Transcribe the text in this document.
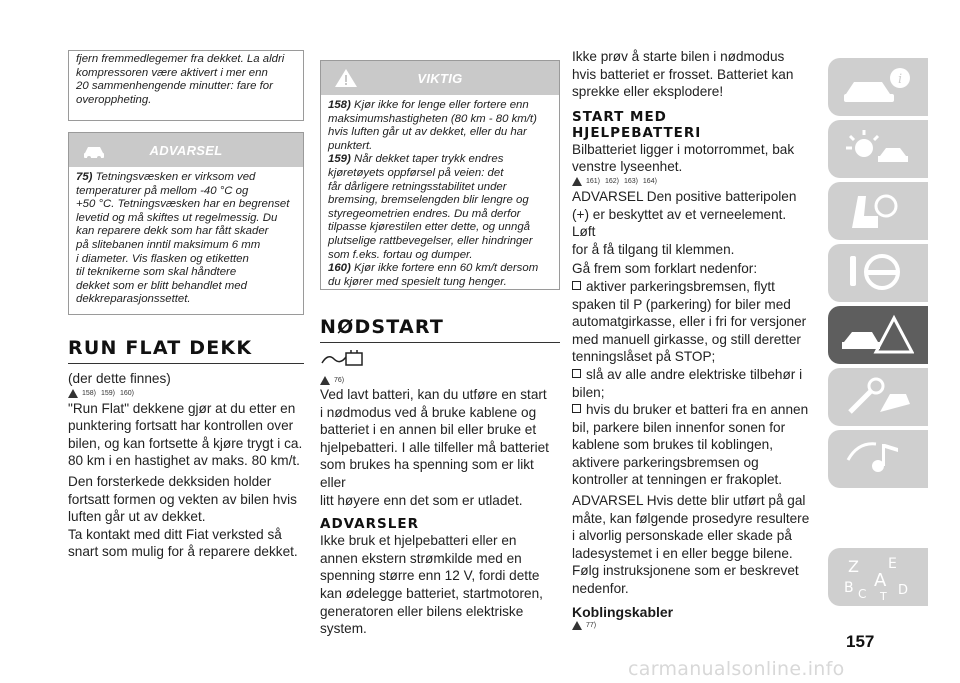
fjern fremmedlegemer fra dekket. La aldri
kompressoren være aktivert i mer enn
20 sammenhengende minutter: fare for
overoppheting.
ADVARSEL
75) Tetningsvæsken er virksom ved
temperaturer på mellom -40 °C og
+50 °C. Tetningsvæsken har en begrenset
levetid og må skiftes ut regelmessig. Du
kan reparere dekk som har fått skader
på slitebanen inntil maksimum 6 mm
i diameter. Vis flasken og etiketten
til teknikerne som skal håndtere
dekket som er blitt behandlet med
dekkreparasjonssettet.
RUN FLAT DEKK
(der dette finnes)
158) 159) 160)
"Run Flat" dekkene gjør at du etter en
punktering fortsatt har kontrollen over
bilen, og kan fortsette å kjøre trygt i ca.
80 km i en hastighet av maks. 80 km/t.
Den forsterkede dekksiden holder
fortsatt formen og vekten av bilen hvis
luften går ut av dekket.
Ta kontakt med ditt Fiat verksted så
snart som mulig for å reparere dekket.
VIKTIG
158) Kjør ikke for lenge eller fortere enn
maksimumshastigheten (80 km - 80 km/t)
hvis luften går ut av dekket, eller du har
punktert.
159) Når dekket taper trykk endres
kjøretøyets oppførsel på veien: det
får dårligere retningsstabilitet under
bremsing, bremselengden blir lengre og
styregeometrien endres. Du må derfor
tilpasse kjørestilen etter dette, og unngå
plutselige rattbevegelser, eller hindringer
som f.eks. fortau og dumper.
160) Kjør ikke fortere enn 60 km/t dersom
du kjører med spesielt tung henger.
NØDSTART
76)
Ved lavt batteri, kan du utføre en start
i nødmodus ved å bruke kablene og
batteriet i en annen bil eller bruke et
hjelpebatteri. I alle tilfeller må batteriet
som brukes ha spenning som er likt eller
litt høyere enn det som er utladet.
ADVARSLER
Ikke bruk et hjelpebatteri eller en
annen ekstern strømkilde med en
spenning større enn 12 V, fordi dette
kan ødelegge batteriet, startmotoren,
generatoren eller bilens elektriske
system.
Ikke prøv å starte bilen i nødmodus
hvis batteriet er frosset. Batteriet kan
sprekke eller eksplodere!
START MED
HJELPEBATTERI
Bilbatteriet ligger i motorrommet, bak
venstre lyseenhet.
161) 162) 163) 164)
ADVARSEL Den positive batteripolen
(+) er beskyttet av et verneelement. Løft
for å få tilgang til klemmen.
Gå frem som forklart nedenfor:
aktiver parkeringsbremsen, flytt
spaken til P (parkering) for biler med
automatgirkasse, eller i fri for versjoner
med manuell girkasse, og still deretter
tenningslåset på STOP;
slå av alle andre elektriske tilbehør i
bilen;
hvis du bruker et batteri fra en annen
bil, parkere bilen innenfor sonen for
kablene som brukes til koblingen,
aktivere parkeringsbremsen og
kontroller at tenningen er frakoplet.
ADVARSEL Hvis dette blir utført på gal
måte, kan følgende prosedyre resultere
i alvorlig personskade eller skade på
ladesystemet i en eller begge bilene.
Følg instruksjonene som er beskrevet
nedenfor.
Koblingskabler
77)
i
Z E
B A
C D
T
157
carmanualsonline.info
